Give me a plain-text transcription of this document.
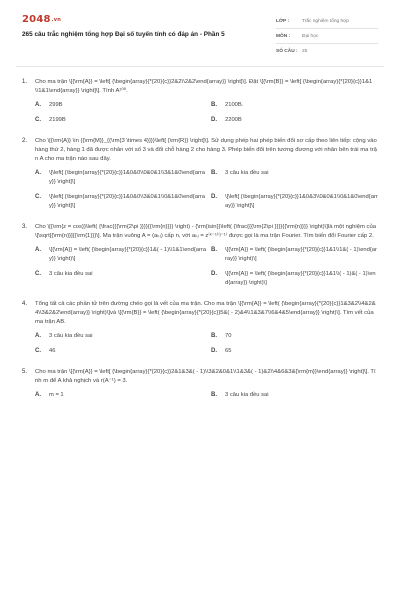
2048.vn
265 câu trắc nghiệm tổng hợp Đại số tuyến tính có đáp án - Phần 5
LỚP :	Trắc nghiệm tổng hợp
MÔN :	Đại học
SỐ CÂU : 25
1.	Cho ma trận \[{\rm{A}} = \left[ {\begin{array}{*{20}{c}}2&2\\2&2\end{array}} \right]\]. Đặt \[{\rm{B}} = \left[ {\begin{array}{*{20}{c}}1&1\\1&1\end{array}} \right]\]. Tính A¹⁰⁰.
A.	299B	B.	2100B.
C.	2199B	D.	2200B
2.	Cho \[{\rm{A}} \in {{\rm{M}}_{{\rm{3 \times 4}}}}\left[ {\rm{R}} \right]\]. Sử dụng phép hai phép biến đổi sơ cấp theo liên tiếp: cộng vào hàng thứ 2, hàng 1 đã được nhân với số 3 và đổi chỗ hàng 2 cho hàng 3. Phép biến đổi trên tương đương với nhân bên trái ma trận A cho ma trận nào sau đây.
A.	\[\left[ {\begin{array}{*{20}{c}}1&0&0\\0&0&1\\3&1&0\end{array}} \right]\]
B.	3 câu kia đều sai
C.	\[\left[ {\begin{array}{*{20}{c}}1&0&0\\3&0&1\\0&1&0\end{array}} \right]\]
D.	\[\left[ {\begin{array}{*{20}{c}}1&0&3\\0&0&1\\0&1&0\end{array}} \right]\]
3.	Cho \[{\rm{z = cos}}\left( {\frac{{{\rm{2\pi }}}}{{\rm{n}}}} \right) - {\rm{isin}}\left( {\frac{{{\rm{2\pi }}}}{{\rm{n}}}} \right)\]là một nghiệm của \[\sqrt[{\rm{n}}]{{\rm{1}}}\]. Ma trận vuông A = (aₖⱼ) cấp n, với aₖⱼ = z⁽ᵏ⁻¹⁾⁽ʲ⁻¹⁾ được gọi là ma trận Fourier. Tìm biến đổi Fourier cấp 2.
A.	\[{\rm{A}} = \left( {\begin{array}{*{20}{c}}1&( - 1)\\1&1\end{array}} \right)\]
B.	\[{\rm{A}} = \left( {\begin{array}{*{20}{c}}1&1\\1&( - 1)\end{array}} \right)\]
C.	3 câu kia đều sai	D.	\[{\rm{A}} = \left( {\begin{array}{*{20}{c}}1&1\\( - 1)&( - 1)\end{array}} \right)\]
4.	Tổng tất cả các phần tử trên đường chéo gọi là vết của ma trận. Cho ma trận \[{\rm{A}} = \left( {\begin{array}{*{20}{c}}1&3&2\\4&2&4\\3&2&2\end{array}} \right)\]và \[{\rm{B}} = \left( {\begin{array}{*{20}{c}}5&( - 2)&4\\1&3&7\\6&4&5\end{array}} \right)\]. Tìm vết của ma trận AB.
A.	3 câu kia đều sai	B.	70
C.	46	D.	65
5.	Cho ma trận \[{\rm{A}} = \left[ {\begin{array}{*{20}{c}}2&1&3&( - 1)\\3&2&0&1\\1&3&( - 1)&2\\4&6&3&{\rm{m}}\end{array}} \right]\]. Tính m để A khả nghịch và r(A⁻¹) = 3.
A.	m = 1	B.	3 câu kia đều sai
